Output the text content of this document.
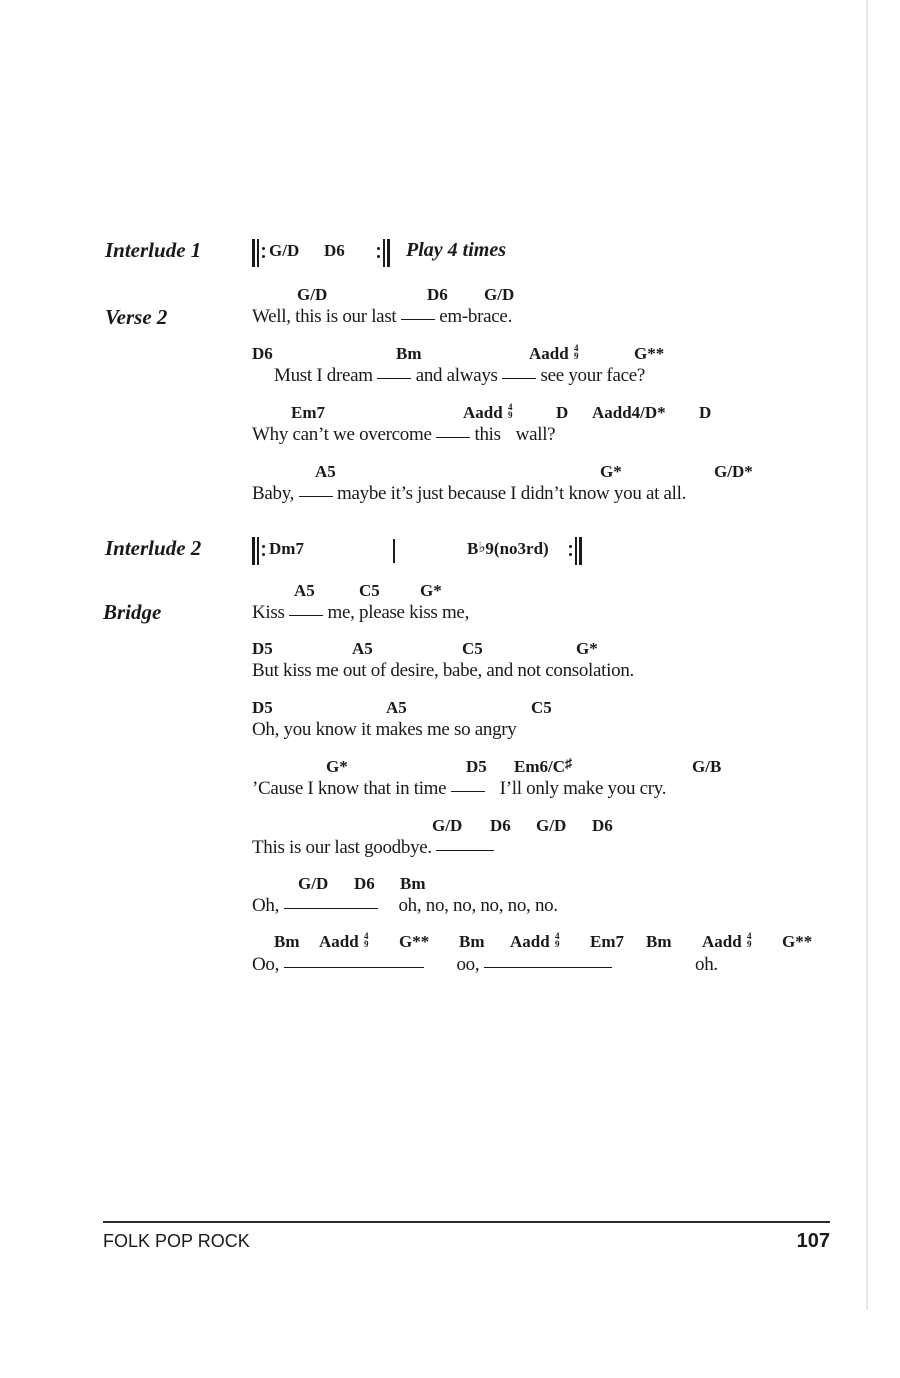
Interlude 1	G/D D6	Play 4 times
Verse 2
G/D	D6 G/D
Well, this is our last em-brace.
D6	Bm	Aadd 4
9	G**
Must I dream and always see your face?
Em7	Aadd 4
9	D Aadd4/D* D
Why can’t we overcome this wall?
A5	G*	G/D*
Baby, maybe it’s just because I didn’t know you at all.
Interlude 2	Dm7	B♭9(no3rd)
Bridge
A5	C5 G*
Kiss me, please kiss me,
D5	A5	C5	G*
But kiss me out of desire, babe, and not consolation.
D5	A5	C5
Oh, you know it makes me so angry
G*	D5 Em6/C♯	G/B
’Cause I know that in time	I’ll only make you cry.
G/D D6 G/D D6
This is our last goodbye.
G/D D6 Bm
Oh,	oh, no, no, no, no, no.
Bm Aadd 4
9 G** Bm Aadd 4
9 Em7 Bm Aadd 4
9 G**
Oo,	oo,	oh.
FOLK POP ROCK	107
